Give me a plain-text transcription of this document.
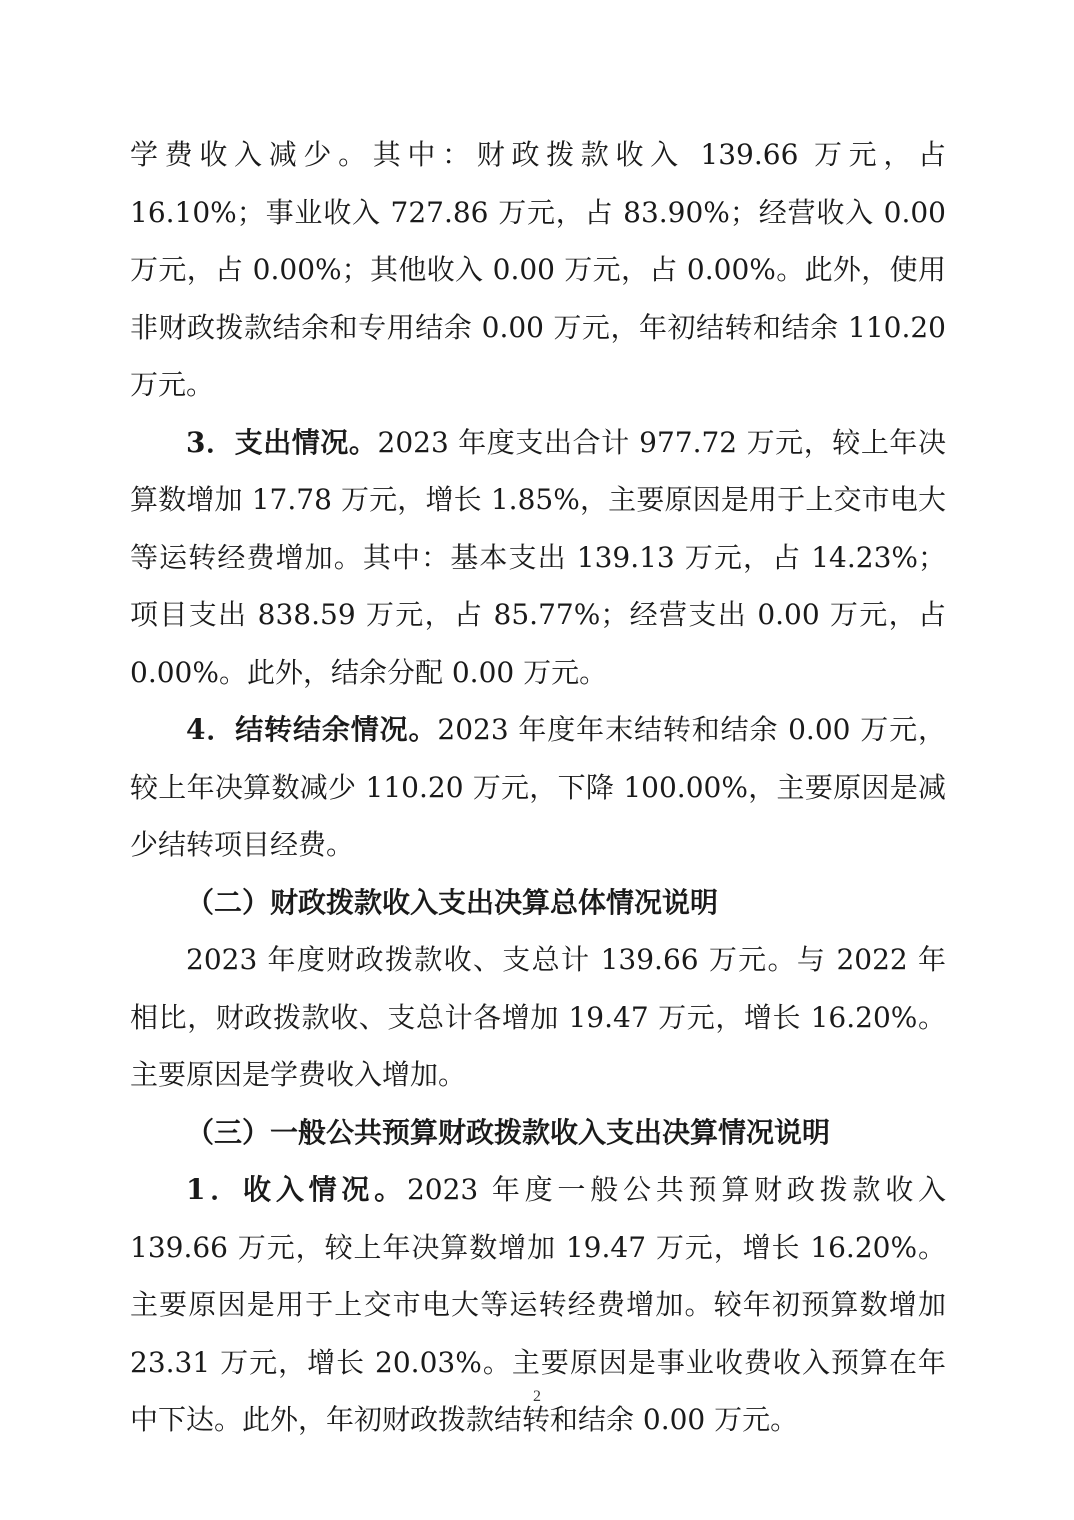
学费收入减少。其中：财政拨款收入 139.66 万元，占 16.10%；事业收入 727.86 万元，占 83.90%；经营收入 0.00 万元，占 0.00%；其他收入 0.00 万元，占 0.00%。此外，使用非财政拨款结余和专用结余 0.00 万元，年初结转和结余 110.20 万元。

3．支出情况。2023 年度支出合计 977.72 万元，较上年决算数增加 17.78 万元，增长 1.85%，主要原因是用于上交市电大等运转经费增加。其中：基本支出 139.13 万元，占 14.23%；项目支出 838.59 万元，占 85.77%；经营支出 0.00 万元，占 0.00%。此外，结余分配 0.00 万元。

4．结转结余情况。2023 年度年末结转和结余 0.00 万元，较上年决算数减少 110.20 万元，下降 100.00%，主要原因是减少结转项目经费。

（二）财政拨款收入支出决算总体情况说明

2023 年度财政拨款收、支总计 139.66 万元。与 2022 年相比，财政拨款收、支总计各增加 19.47 万元，增长 16.20%。主要原因是学费收入增加。

（三）一般公共预算财政拨款收入支出决算情况说明

1．收入情况。2023 年度一般公共预算财政拨款收入 139.66 万元，较上年决算数增加 19.47 万元，增长 16.20%。主要原因是用于上交市电大等运转经费增加。较年初预算数增加 23.31 万元，增长 20.03%。主要原因是事业收费收入预算在年中下达。此外，年初财政拨款结转和结余 0.00 万元。

2
